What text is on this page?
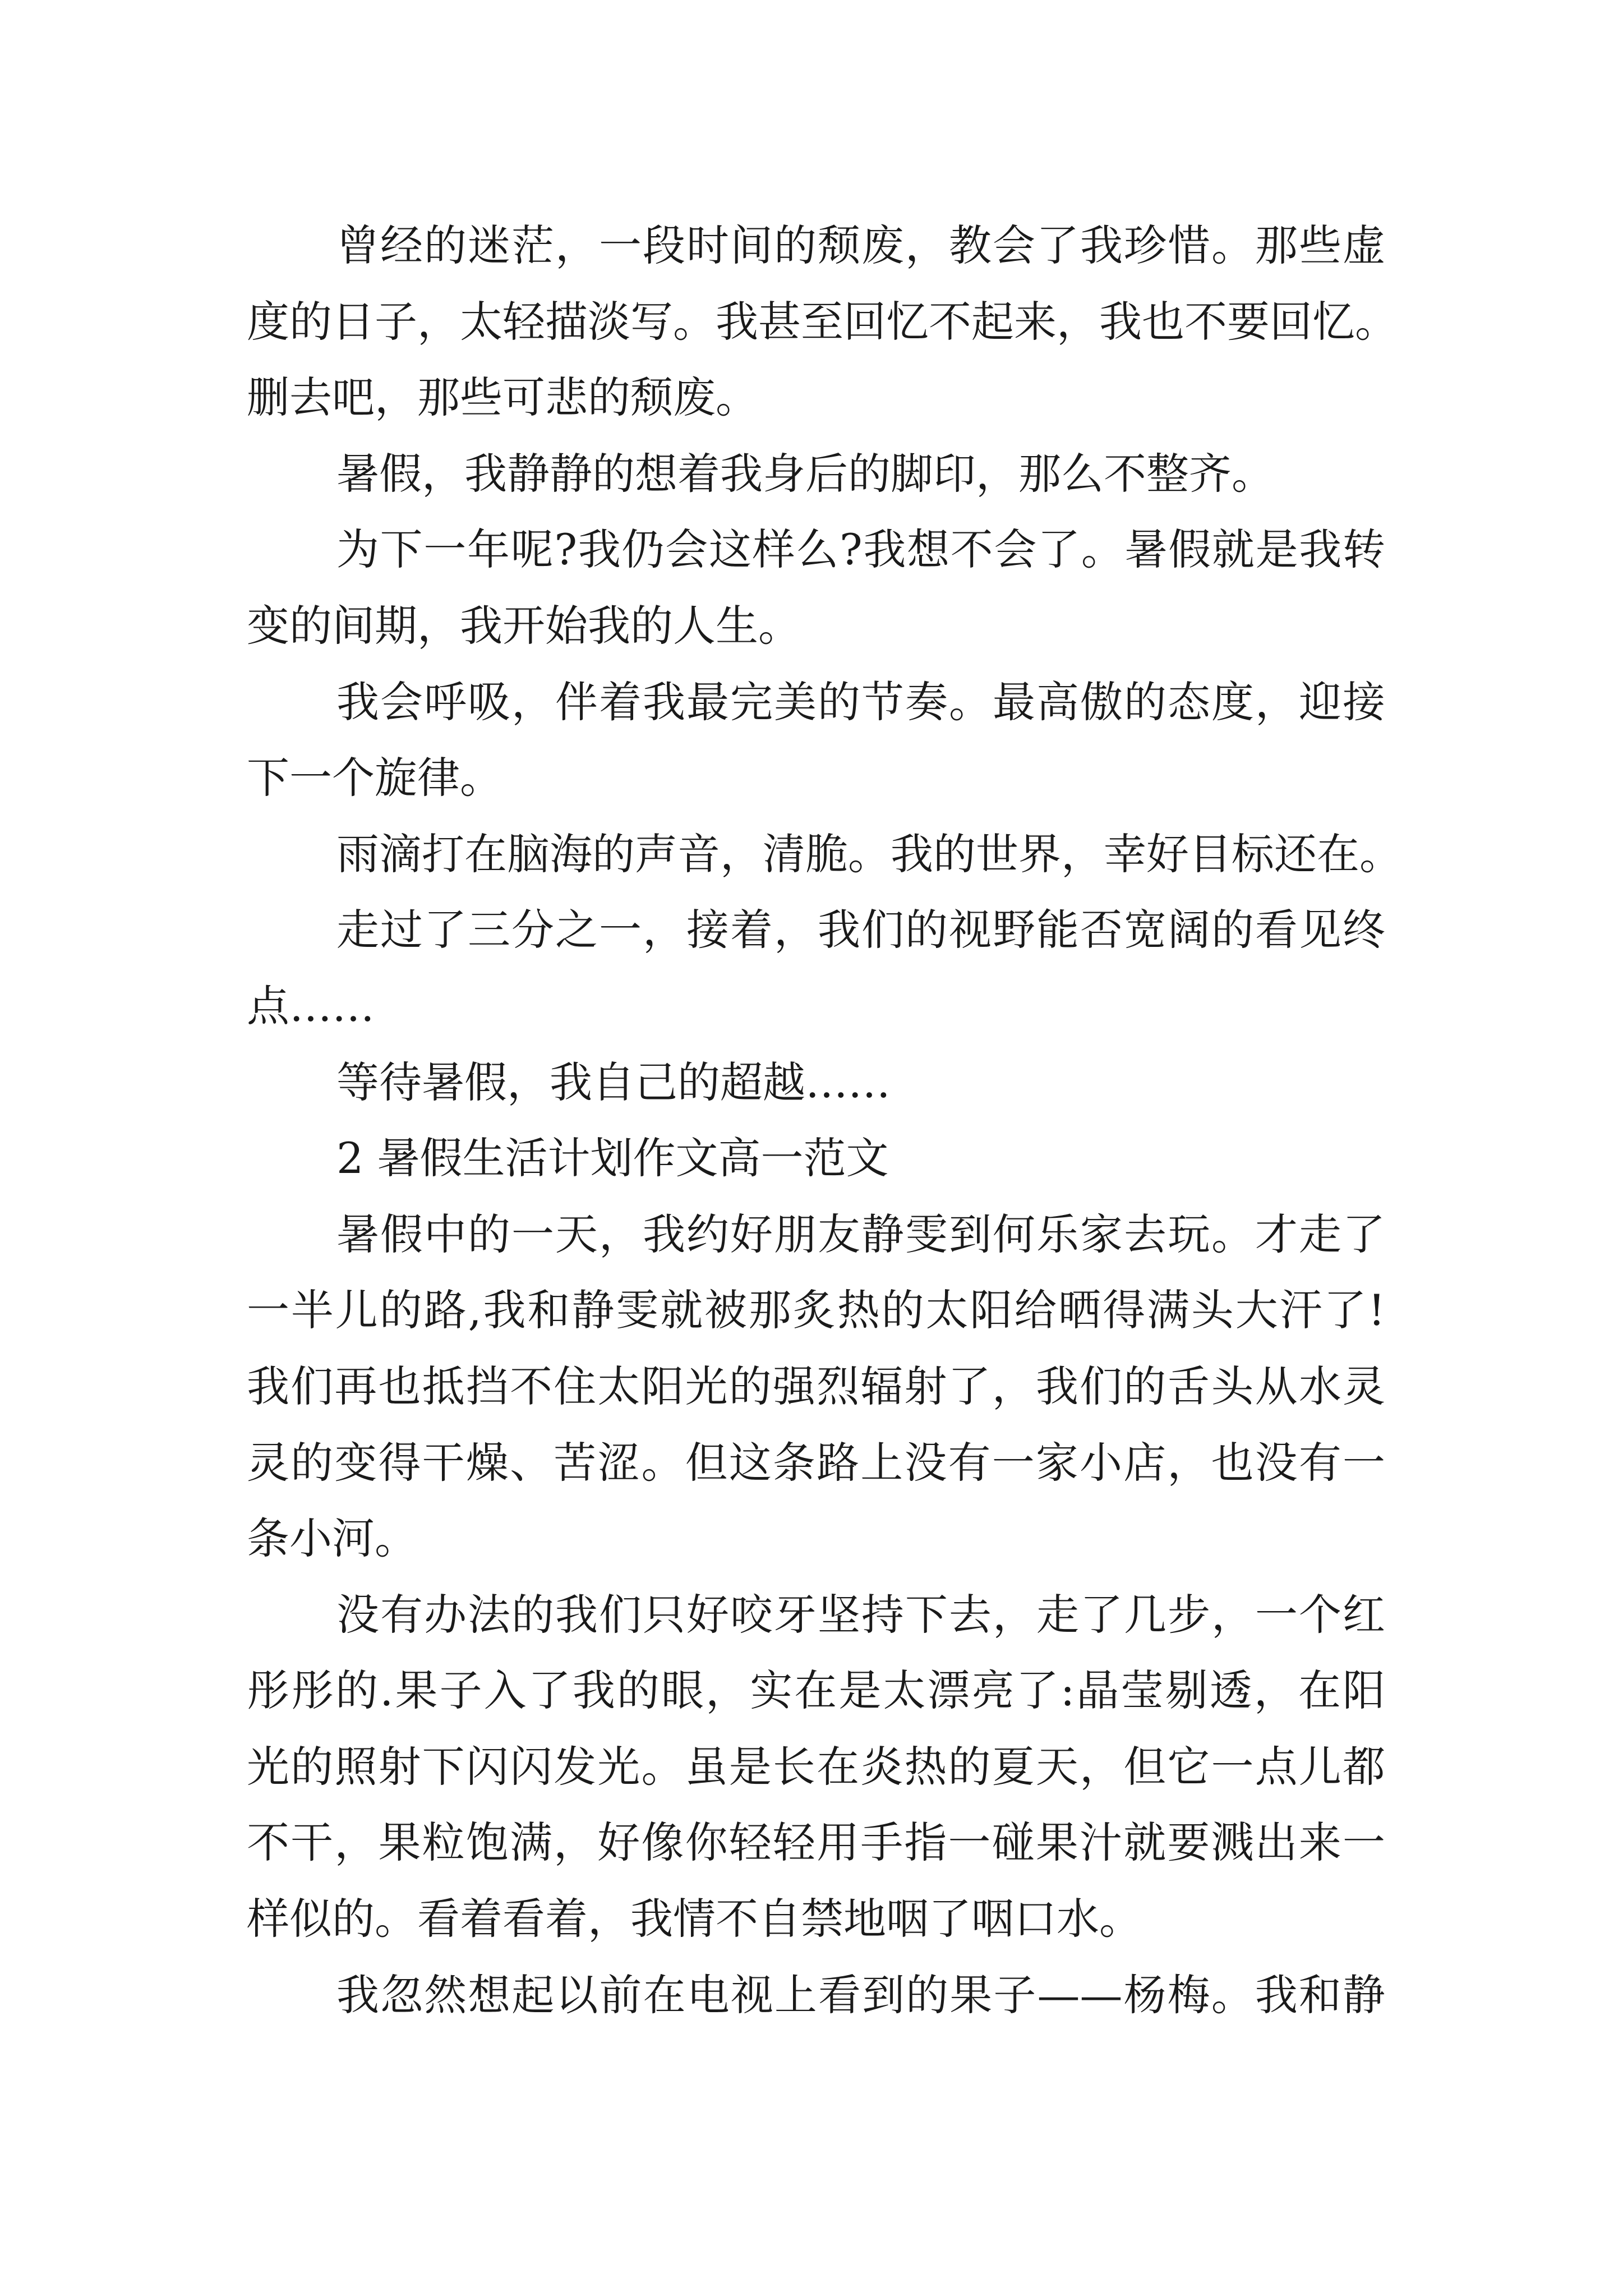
曾经的迷茫，一段时间的颓废，教会了我珍惜。那些虚
度的日子，太轻描淡写。我甚至回忆不起来，我也不要回忆。
删去吧，那些可悲的颓废。
暑假，我静静的想着我身后的脚印，那么不整齐。
为下一年呢?我仍会这样么?我想不会了。暑假就是我转
变的间期，我开始我的人生。
我会呼吸，伴着我最完美的节奏。最高傲的态度，迎接
下一个旋律。
雨滴打在脑海的声音，清脆。我的世界，幸好目标还在。
走过了三分之一，接着，我们的视野能否宽阔的看见终
点……
等待暑假，我自己的超越……
2 暑假生活计划作文高一范文
暑假中的一天，我约好朋友静雯到何乐家去玩。才走了
一半儿的路,我和静雯就被那炙热的太阳给晒得满头大汗了!
我们再也抵挡不住太阳光的强烈辐射了，我们的舌头从水灵
灵的变得干燥、苦涩。但这条路上没有一家小店，也没有一
条小河。
没有办法的我们只好咬牙坚持下去，走了几步，一个红
彤彤的.果子入了我的眼，实在是太漂亮了:晶莹剔透，在阳
光的照射下闪闪发光。虽是长在炎热的夏天，但它一点儿都
不干，果粒饱满，好像你轻轻用手指一碰果汁就要溅出来一
样似的。看着看着，我情不自禁地咽了咽口水。
我忽然想起以前在电视上看到的果子——杨梅。我和静
